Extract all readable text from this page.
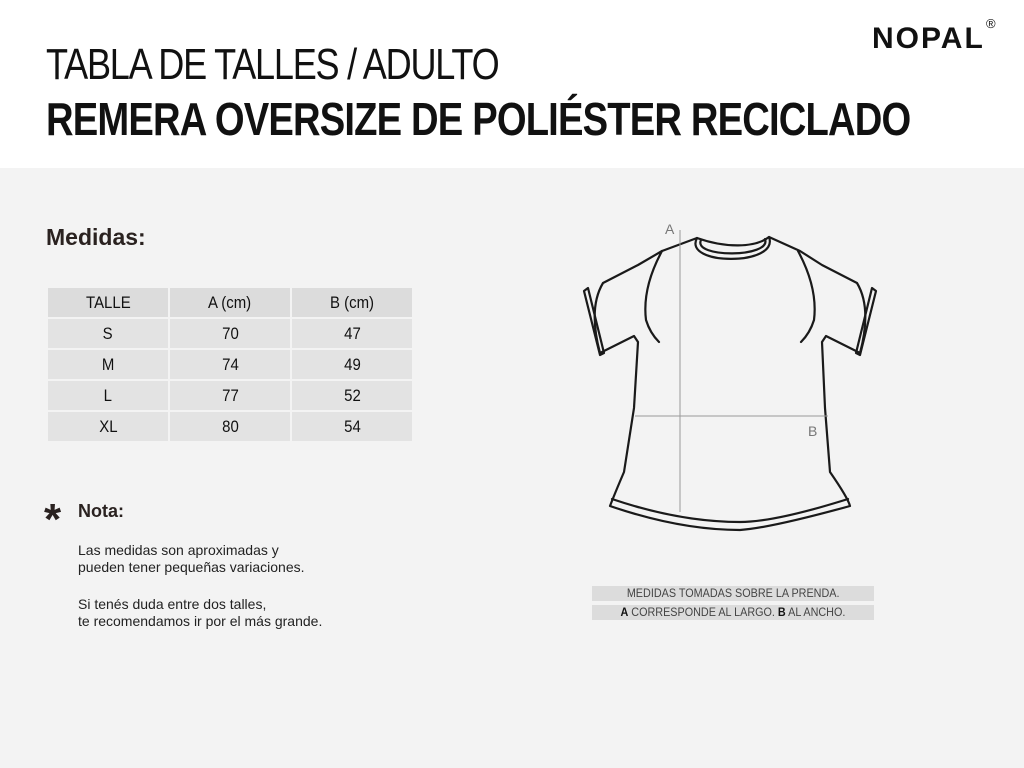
TABLA DE TALLES / ADULTO
REMERA OVERSIZE DE POLIÉSTER RECICLADO
NOPAL ®
Medidas:
TALLE	A (cm)	B (cm)
S	70	47
M	74	49
L	77	52
XL	80	54
* Nota:

Las medidas son aproximadas y
pueden tener pequeñas variaciones.

Si tenés duda entre dos talles,
te recomendamos ir por el más grande.

A
B
MEDIDAS TOMADAS SOBRE LA PRENDA.
A CORRESPONDE AL LARGO. B AL ANCHO.
